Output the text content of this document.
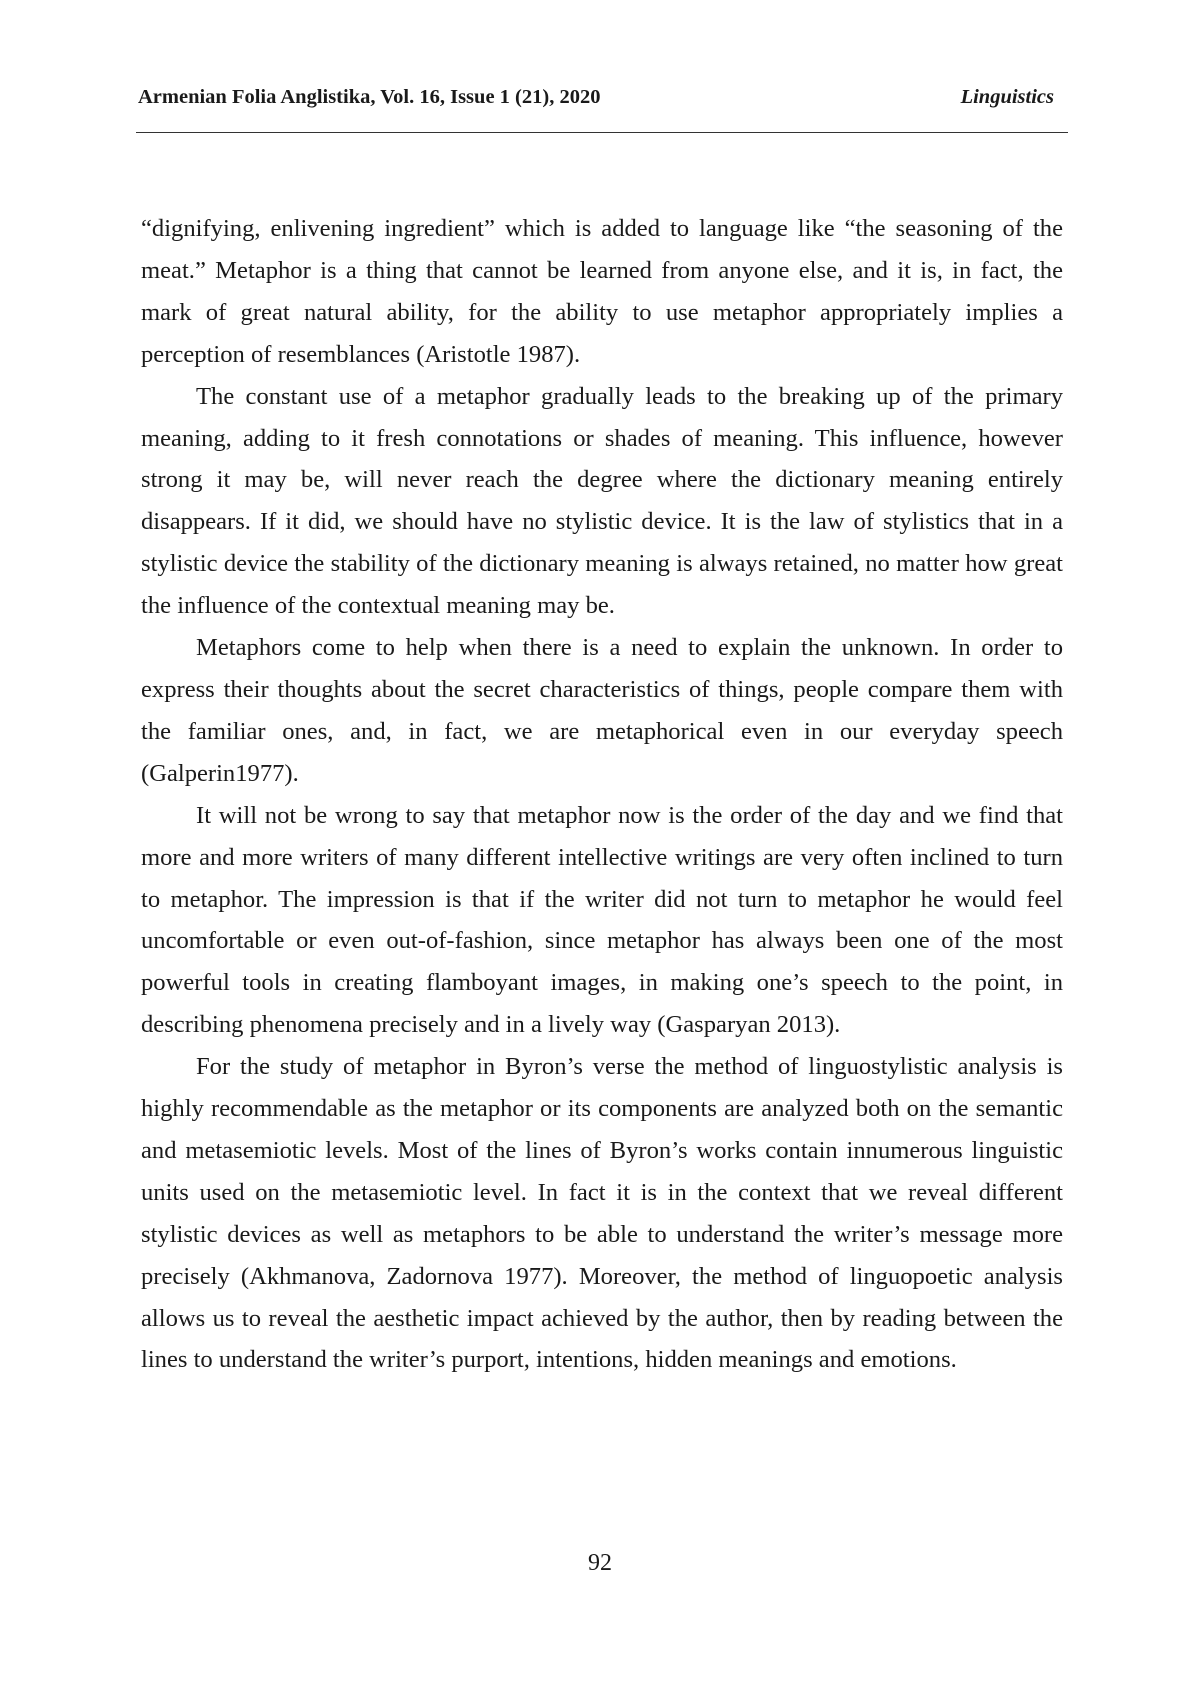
Armenian Folia Anglistika, Vol. 16, Issue 1 (21), 2020	Linguistics

“dignifying, enlivening ingredient” which is added to language like “the seasoning of the meat.” Metaphor is a thing that cannot be learned from anyone else, and it is, in fact, the mark of great natural ability, for the ability to use metaphor appropriately implies a perception of resemblances (Aristotle 1987).

The constant use of a metaphor gradually leads to the breaking up of the primary meaning, adding to it fresh connotations or shades of meaning. This influence, however strong it may be, will never reach the degree where the dictionary meaning entirely disappears. If it did, we should have no stylistic device. It is the law of stylistics that in a stylistic device the stability of the dictionary meaning is always retained, no matter how great the influence of the contextual meaning may be.

Metaphors come to help when there is a need to explain the unknown. In order to express their thoughts about the secret characteristics of things, people compare them with the familiar ones, and, in fact, we are metaphorical even in our everyday speech (Galperin1977).

It will not be wrong to say that metaphor now is the order of the day and we find that more and more writers of many different intellective writings are very often inclined to turn to metaphor. The impression is that if the writer did not turn to metaphor he would feel uncomfortable or even out-of-fashion, since metaphor has always been one of the most powerful tools in creating flamboyant images, in making one’s speech to the point, in describing phenomena precisely and in a lively way (Gasparyan 2013).

For the study of metaphor in Byron’s verse the method of linguostylistic analysis is highly recommendable as the metaphor or its components are analyzed both on the semantic and metasemiotic levels. Most of the lines of Byron’s works contain innumerous linguistic units used on the metasemiotic level. In fact it is in the context that we reveal different stylistic devices as well as metaphors to be able to understand the writer’s message more precisely (Akhmanova, Zadornova 1977). Moreover, the method of linguopoetic analysis allows us to reveal the aesthetic impact achieved by the author, then by reading between the lines to understand the writer’s purport, intentions, hidden meanings and emotions.

92
